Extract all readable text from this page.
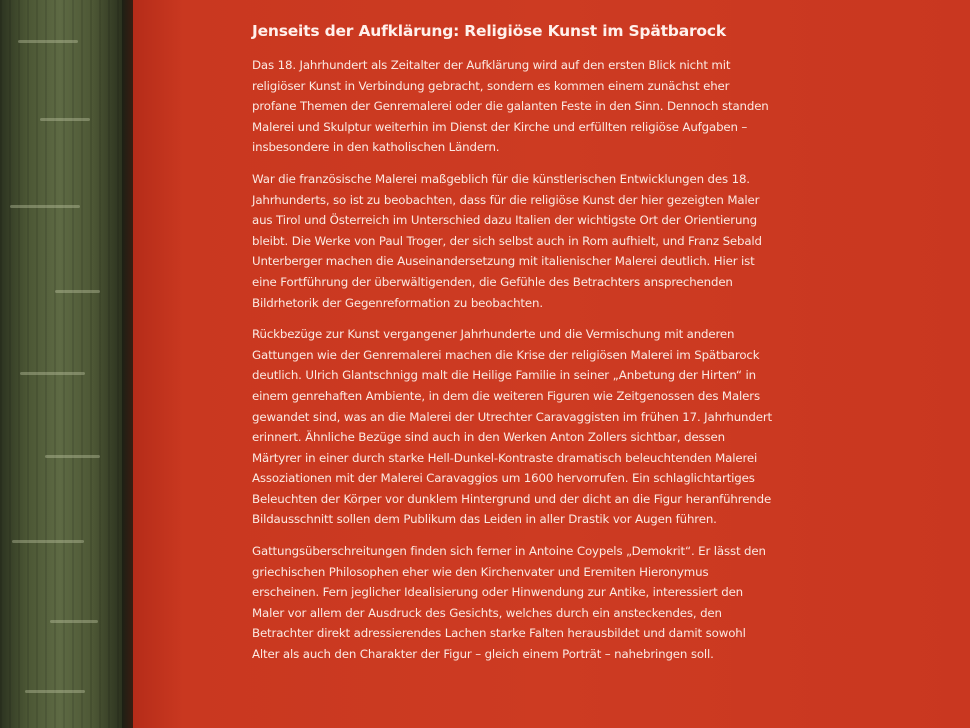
Jenseits der Aufklärung: Religiöse Kunst im Spätbarock

Das 18. Jahrhundert als Zeitalter der Aufklärung wird auf den ersten Blick nicht mit religiöser Kunst in Verbindung gebracht, sondern es kommen einem zunächst eher profane Themen der Genremalerei oder die galanten Feste in den Sinn. Dennoch standen Malerei und Skulptur weiterhin im Dienst der Kirche und erfüllten religiöse Aufgaben – insbesondere in den katholischen Ländern.

War die französische Malerei maßgeblich für die künstlerischen Entwicklungen des 18. Jahrhunderts, so ist zu beobachten, dass für die religiöse Kunst der hier gezeigten Maler aus Tirol und Österreich im Unterschied dazu Italien der wichtigste Ort der Orientierung bleibt. Die Werke von Paul Troger, der sich selbst auch in Rom aufhielt, und Franz Sebald Unterberger machen die Auseinandersetzung mit italienischer Malerei deutlich. Hier ist eine Fortführung der überwältigenden, die Gefühle des Betrachters ansprechenden Bildrhetorik der Gegenreformation zu beobachten.

Rückbezüge zur Kunst vergangener Jahrhunderte und die Vermischung mit anderen Gattungen wie der Genremalerei machen die Krise der religiösen Malerei im Spätbarock deutlich. Ulrich Glantschnigg malt die Heilige Familie in seiner „Anbetung der Hirten“ in einem genrehaften Ambiente, in dem die weiteren Figuren wie Zeitgenossen des Malers gewandet sind, was an die Malerei der Utrechter Caravaggisten im frühen 17. Jahrhundert erinnert. Ähnliche Bezüge sind auch in den Werken Anton Zollers sichtbar, dessen Märtyrer in einer durch starke Hell-Dunkel-Kontraste dramatisch beleuchtenden Malerei Assoziationen mit der Malerei Caravaggios um 1600 hervorrufen. Ein schlaglichtartiges Beleuchten der Körper vor dunklem Hintergrund und der dicht an die Figur heranführende Bildausschnitt sollen dem Publikum das Leiden in aller Drastik vor Augen führen.

Gattungsüberschreitungen finden sich ferner in Antoine Coypels „Demokrit“. Er lässt den griechischen Philosophen eher wie den Kirchenvater und Eremiten Hieronymus erscheinen. Fern jeglicher Idealisierung oder Hinwendung zur Antike, interessiert den Maler vor allem der Ausdruck des Gesichts, welches durch ein ansteckendes, den Betrachter direkt adressierendes Lachen starke Falten herausbildet und damit sowohl Alter als auch den Charakter der Figur – gleich einem Porträt – nahebringen soll.
